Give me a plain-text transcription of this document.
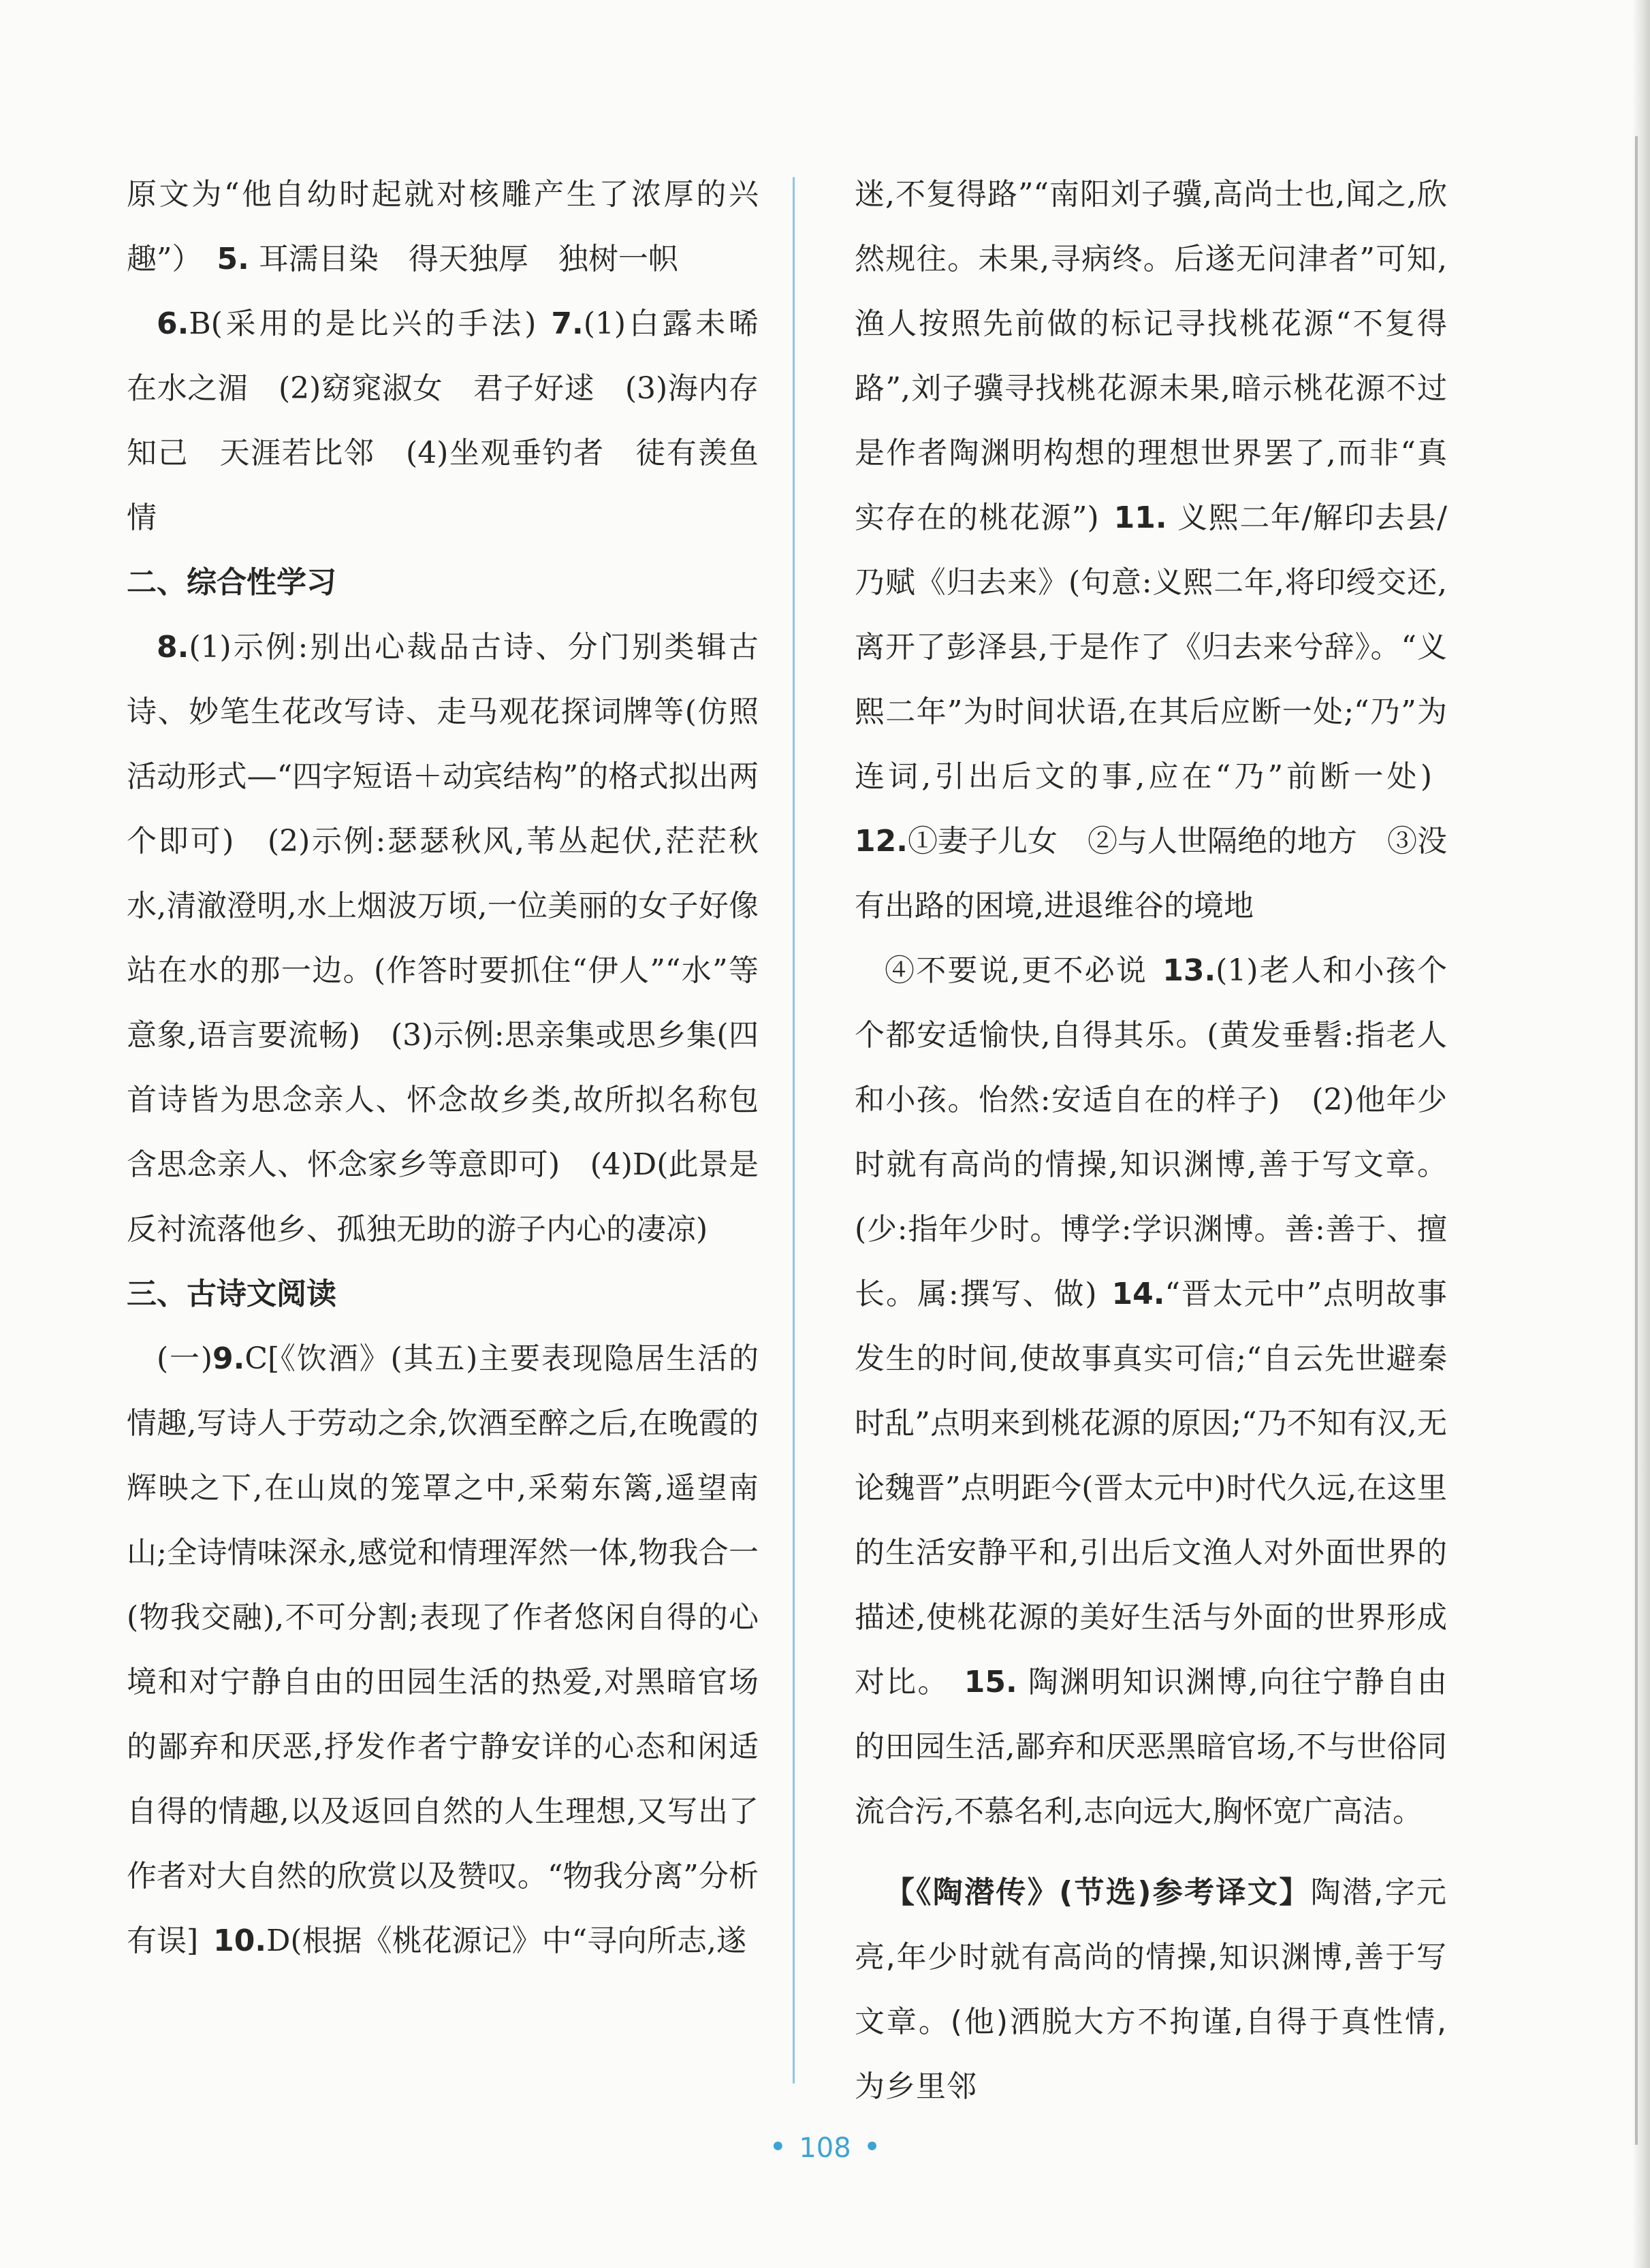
原文为“他自幼时起就对核雕产生了浓厚的兴趣”） 5. 耳濡目染　得天独厚　独树一帜

6.B(采用的是比兴的手法) 7.(1)白露未晞　在水之湄　(2)窈窕淑女　君子好逑　(3)海内存知己　天涯若比邻　(4)坐观垂钓者　徒有羡鱼情

二、综合性学习

8.(1)示例:别出心裁品古诗、分门别类辑古诗、妙笔生花改写诗、走马观花探词牌等(仿照活动形式—“四字短语＋动宾结构”的格式拟出两个即可)　(2)示例:瑟瑟秋风,苇丛起伏,茫茫秋水,清澈澄明,水上烟波万顷,一位美丽的女子好像站在水的那一边。(作答时要抓住“伊人”“水”等意象,语言要流畅)　(3)示例:思亲集或思乡集(四首诗皆为思念亲人、怀念故乡类,故所拟名称包含思念亲人、怀念家乡等意即可)　(4)D(此景是反衬流落他乡、孤独无助的游子内心的凄凉)

三、古诗文阅读

(一)9.C[《饮酒》(其五)主要表现隐居生活的情趣,写诗人于劳动之余,饮酒至醉之后,在晚霞的辉映之下,在山岚的笼罩之中,采菊东篱,遥望南山;全诗情味深永,感觉和情理浑然一体,物我合一(物我交融),不可分割;表现了作者悠闲自得的心境和对宁静自由的田园生活的热爱,对黑暗官场的鄙弃和厌恶,抒发作者宁静安详的心态和闲适自得的情趣,以及返回自然的人生理想,又写出了作者对大自然的欣赏以及赞叹。“物我分离”分析有误] 10.D(根据《桃花源记》中“寻向所志,遂

迷,不复得路”“南阳刘子骥,高尚士也,闻之,欣然规往。未果,寻病终。后遂无问津者”可知,渔人按照先前做的标记寻找桃花源“不复得路”,刘子骥寻找桃花源未果,暗示桃花源不过是作者陶渊明构想的理想世界罢了,而非“真实存在的桃花源”) 11. 义熙二年/解印去县/乃赋《归去来》(句意:义熙二年,将印绶交还,离开了彭泽县,于是作了《归去来兮辞》。“义熙二年”为时间状语,在其后应断一处;“乃”为连词,引出后文的事,应在“乃”前断一处)12.①妻子儿女　②与人世隔绝的地方　③没有出路的困境,进退维谷的境地

④不要说,更不必说 13.(1)老人和小孩个个都安适愉快,自得其乐。(黄发垂髫:指老人和小孩。怡然:安适自在的样子)　(2)他年少时就有高尚的情操,知识渊博,善于写文章。(少:指年少时。博学:学识渊博。善:善于、擅长。属:撰写、做) 14.“晋太元中”点明故事发生的时间,使故事真实可信;“自云先世避秦时乱”点明来到桃花源的原因;“乃不知有汉,无论魏晋”点明距今(晋太元中)时代久远,在这里的生活安静平和,引出后文渔人对外面世界的描述,使桃花源的美好生活与外面的世界形成对比。 15. 陶渊明知识渊博,向往宁静自由的田园生活,鄙弃和厌恶黑暗官场,不与世俗同流合污,不慕名利,志向远大,胸怀宽广高洁。

【《陶潜传》(节选)参考译文】陶潜,字元亮,年少时就有高尚的情操,知识渊博,善于写文章。(他)洒脱大方不拘谨,自得于真性情,为乡里邻

• 108 •
